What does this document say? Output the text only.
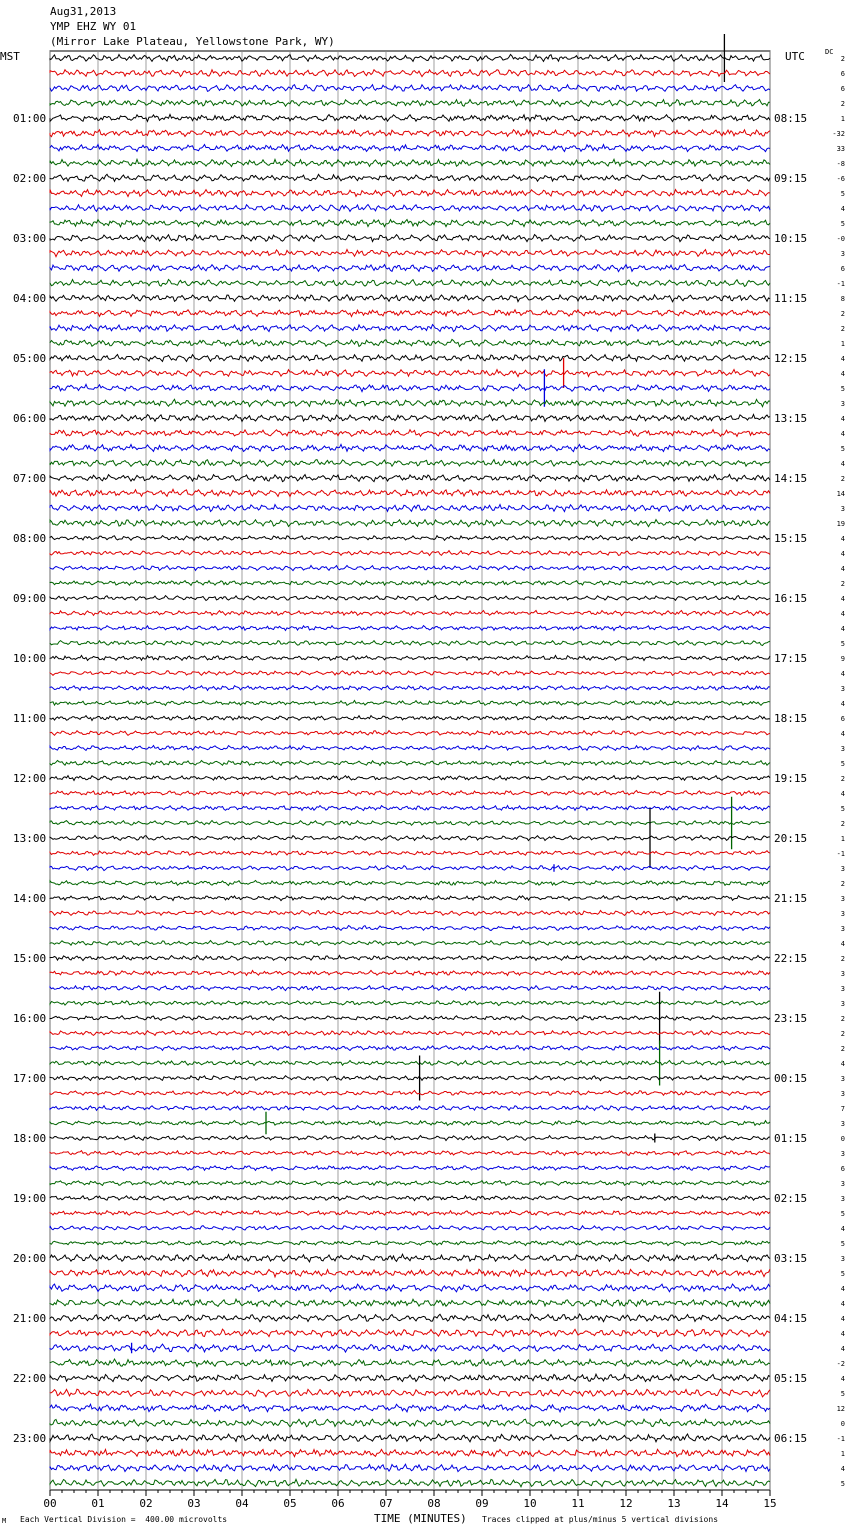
Aug31,2013
YMP EHZ WY 01
(Mirror Lake Plateau, Yellowstone Park, WY)
MST	UTC	DC
00	01	02	03	04	05	06	07	08	09	10	11	12	13	14	15
2
6
6
2
1
-32
33
-8
-6
5
4
5
-0
3
6
-1
8
2
2
1
4
4
5
3
4
4
5
4
2
14
3
19
4
4
4
2
4
4
4
5
9
4
3
4
6
4
3
5
2
4
5
2
1
-1
3
2
3
3
3
4
2
3
3
3
2
2
2
4
3
3
7
3
0
3
6
3
3
5
4
5
3
5
4
4
4
4
4
-2
4
5
12
0
-1
1
4
5
01:00	08:15
02:00	09:15
03:00	10:15
04:00	11:15
05:00	12:15
06:00	13:15
07:00	14:15
08:00	15:15
09:00	16:15
10:00	17:15
11:00	18:15
12:00	19:15
13:00	20:15
14:00	21:15
15:00	22:15
16:00	23:15
17:00	00:15
18:00	01:15
19:00	02:15
20:00	03:15
21:00	04:15
22:00	05:15
23:00	06:15
M Each Vertical Division =  400.00 microvolts	TIME (MINUTES) Traces clipped at plus/minus 5 vertical divisions
